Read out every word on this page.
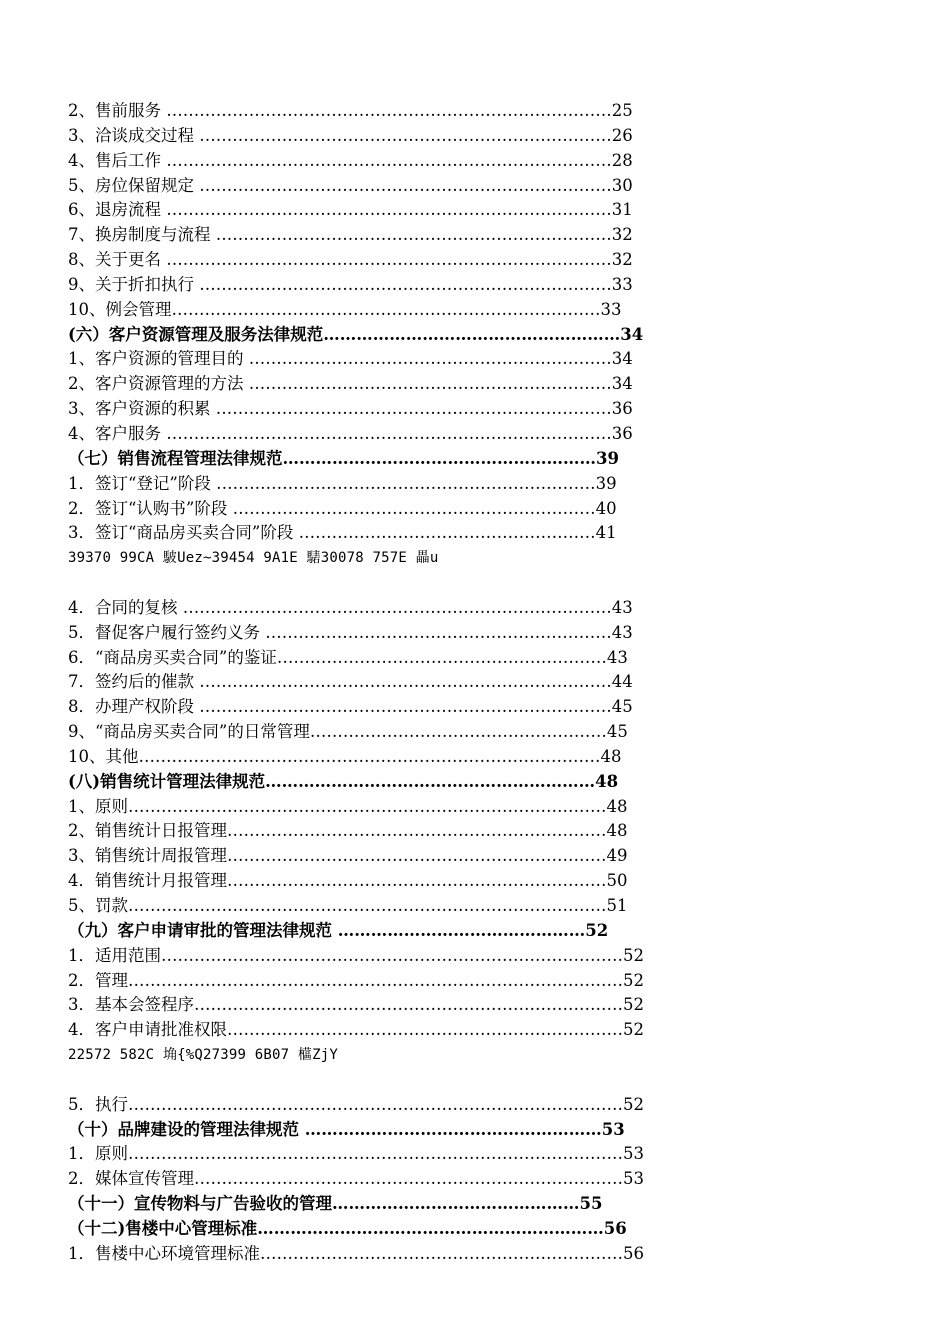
2、售前服务 ………………………………………………………………………25
3、洽谈成交过程 …………………………………………………………………26
4、售后工作 ………………………………………………………………………28
5、房位保留规定 …………………………………………………………………30
6、退房流程 ………………………………………………………………………31
7、换房制度与流程 ………………………………………………………………32
8、关于更名 ………………………………………………………………………32
9、关于折扣执行 …………………………………………………………………33
10、例会管理……………………………………………………………………33
(六）客户资源管理及服务法律规范………………………………………………34
1、客户资源的管理目的 …………………………………………………………34
2、客户资源管理的方法 …………………………………………………………34
3、客户资源的积累 ………………………………………………………………36
4、客户服务 ………………………………………………………………………36
（七）销售流程管理法律规范…………………………………………………39
1．签订“登记”阶段 ……………………………………………………………39
2．签订“认购书”阶段 …………………………………………………………40
3．签订“商品房买卖合同”阶段 ………………………………………………41
39370 99CA 駊Uez~39454 9A1E 騞30078 757E 畾u
4．合同的复核 ……………………………………………………………………43
5．督促客户履行签约义务 ………………………………………………………43
6．“商品房买卖合同”的鉴证……………………………………………………43
7．签约后的催款 …………………………………………………………………44
8．办理产权阶段 …………………………………………………………………45
9、“商品房买卖合同”的日常管理………………………………………………45
10、其他…………………………………………………………………………48
(八)销售统计管理法律规范……………………………………………………48
1、原则……………………………………………………………………………48
2、销售统计日报管理……………………………………………………………48
3、销售统计周报管理……………………………………………………………49
4．销售统计月报管理……………………………………………………………50
5、罚款……………………………………………………………………………51
（九）客户申请审批的管理法律规范 ………………………………………52
1．适用范围…………………………………………………………………………52
2．管理………………………………………………………………………………52
3．基本会签程序……………………………………………………………………52
4．客户申请批准权限………………………………………………………………52
22572 582C 埆{%Q27399 6B07 櫙ZjY
5．执行………………………………………………………………………………52
（十）品牌建设的管理法律规范 ………………………………………………53
1．原则………………………………………………………………………………53
2．媒体宣传管理……………………………………………………………………53
（十一）宣传物料与广告验收的管理………………………………………55
（十二)售楼中心管理标准………………………………………………………56
1．售楼中心环境管理标准…………………………………………………………56
